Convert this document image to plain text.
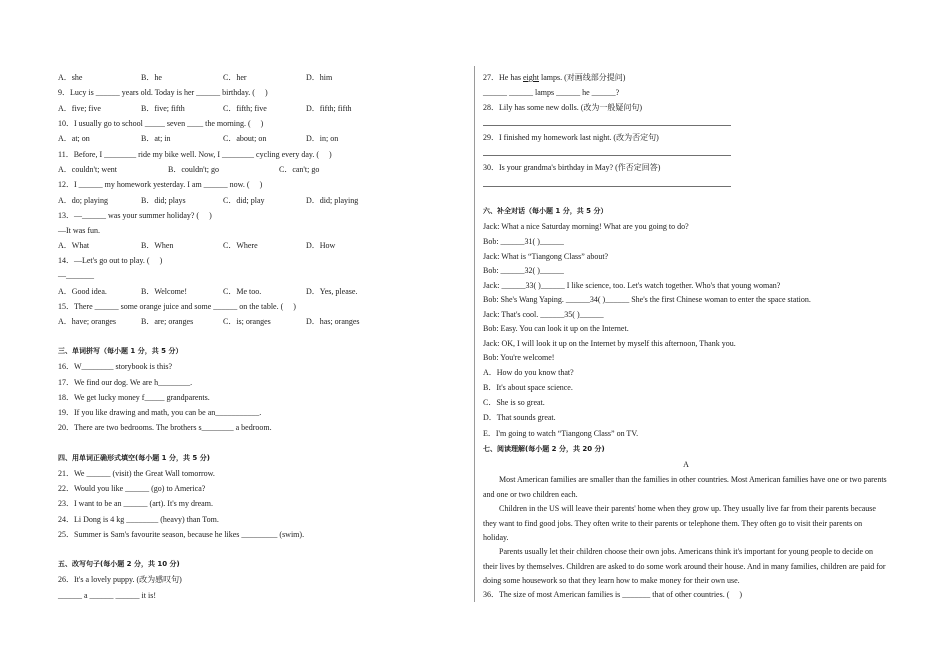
A．she	B．he	C．her	D．him
9．Lucy is ______ years old. Today is her ______ birthday. (　 )
A．five; five	B．five; fifth	C．fifth; five	D．fifth; fifth
10．I usually go to school _____ seven ____ the morning. (　 )
A．at; on	B．at; in	C．about; on	D．in; on
11．Before, I ________ ride my bike well. Now, I ________ cycling every day. (　 )
A．couldn't; went	B．couldn't; go	C．can't; go
12．I ______ my homework yesterday. I am ______ now. (　 )
A．do; playing	B．did; plays	C．did; play	D．did; playing
13．—______ was your summer holiday? (　 )
—It was fun.
A．What	B．When	C．Where	D．How
14．—Let's go out to play. (　 )
—_______
A．Good idea.	B．Welcome!	C．Me too.	D．Yes, please.
15．There ______ some orange juice and some ______ on the table. (　 )
A．have; oranges	B．are; oranges	C．is; oranges	D．has; oranges
三、单词拼写（每小题 1 分，共 5 分）
16．W________ storybook is this?
17．We find our dog. We are h________.
18．We get lucky money f_____ grandparents.
19．If you like drawing and math, you can be an___________.
20．There are two bedrooms. The brothers s________ a bedroom.
四、用单词正确形式填空(每小题 1 分，共 5 分)
21．We ______ (visit) the Great Wall tomorrow.
22．Would you like ______ (go) to America?
23．I want to be an ______ (art). It's my dream.
24．Li Dong is 4 kg ________ (heavy) than Tom.
25．Summer is Sam's favourite season, because he likes _________ (swim).
五、改写句子(每小题 2 分，共 10 分)
26．It's a lovely puppy. (改为感叹句)
______ a ______ ______ it is!
27．He has eight lamps. (对画线部分提问)
______ ______ lamps ______ he ______?
28．Lily has some new dolls. (改为一般疑问句)
29．I finished my homework last night. (改为否定句)
30．Is your grandma's birthday in May? (作否定回答)
六、补全对话（每小题 1 分，共 5 分）
Jack: What a nice Saturday morning! What are you going to do?
Bob: ______31( )______
Jack: What is “Tiangong Class” about?
Bob: ______32( )______
Jack: ______33( )______ I like science, too. Let's watch together. Who's that young woman?
Bob: She's Wang Yaping. ______34( )______ She's the first Chinese woman to enter the space station.
Jack: That's cool. ______35( )______
Bob: Easy. You can look it up on the Internet.
Jack: OK, I will look it up on the Internet by myself this afternoon, Thank you.
Bob: You're welcome!
A．How do you know that?
B．It's about space science.
C．She is so great.
D．That sounds great.
E．I'm going to watch “Tiangong Class” on TV.
七、阅读理解(每小题 2 分，共 20 分)
A
Most American families are smaller than the families in other countries. Most American families have one or two parents and one or two children each.
Children in the US will leave their parents' home when they grow up. They usually live far from their parents because they want to find good jobs. They often write to their parents or telephone them. They often go to visit their parents on holiday.
Parents usually let their children choose their own jobs. Americans think it's important for young people to decide on their lives by themselves. Children are asked to do some work around their house. And in many families, children are paid for doing some housework so that they learn how to make money for their own use.
36．The size of most American families is _______ that of other countries. (　 )
